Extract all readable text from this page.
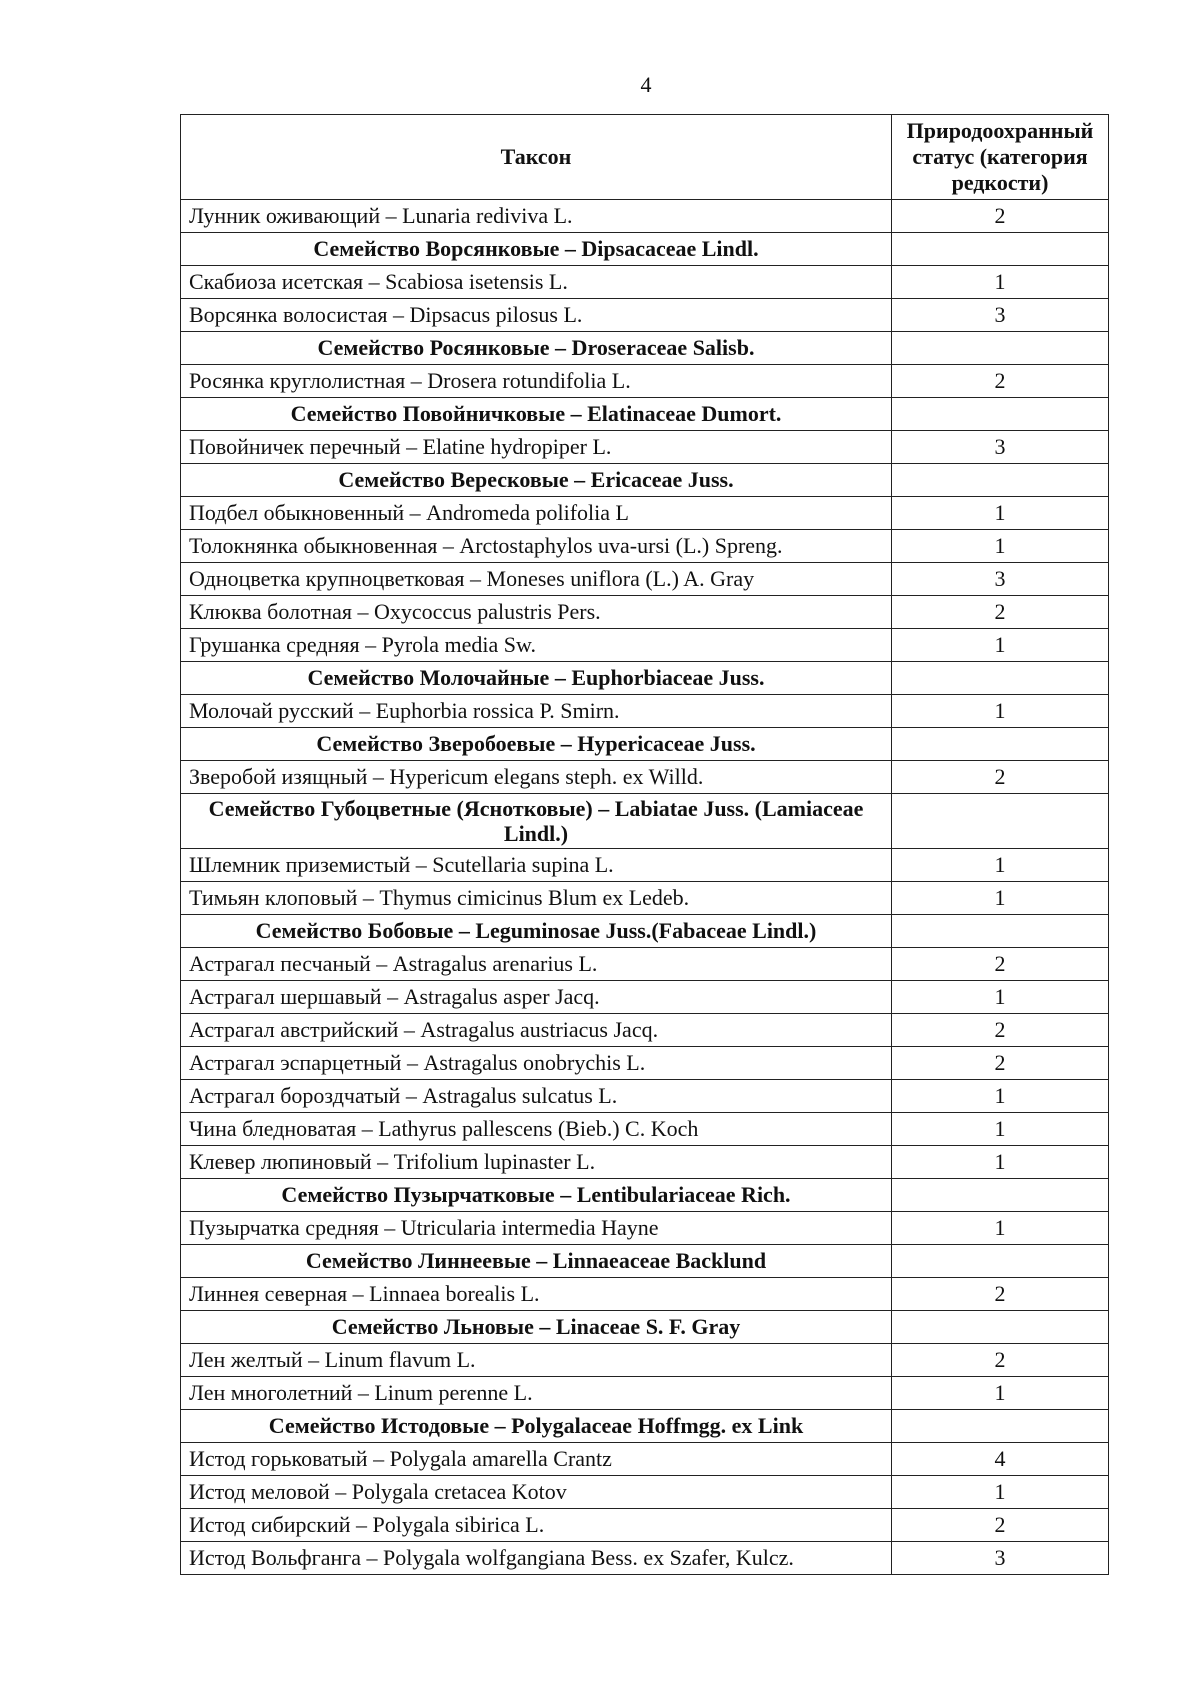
4
Таксон	Природоохранный статус (категория редкости)
Лунник оживающий – Lunaria rediviva L.	2
Семейство Ворсянковые – Dipsacaceae Lindl.	
Скабиоза исетская – Scabiosa isetensis L.	1
Ворсянка волосистая – Dipsacus pilosus L.	3
Семейство Росянковые – Droseraceae Salisb.	
Росянка круглолистная – Drosera rotundifolia L.	2
Семейство Повойничковые – Elatinaceae Dumort.	
Повойничек перечный – Elatine hydropiper L.	3
Семейство Вересковые – Ericaceae Juss.	
Подбел обыкновенный – Andromeda polifolia L	1
Толокнянка обыкновенная – Arctostaphylos uva-ursi (L.) Spreng.	1
Одноцветка крупноцветковая – Moneses uniflora (L.) A. Gray	3
Клюква болотная – Oxycoccus palustris Pers.	2
Грушанка средняя – Pyrola media Sw.	1
Семейство Молочайные – Euphorbiaceae Juss.	
Молочай русский – Euphorbia rossica P. Smirn.	1
Семейство Зверобоевые – Hypericaceae Juss.	
Зверобой изящный – Hypericum elegans steph. ex Willd.	2
Семейство Губоцветные (Яснотковые) – Labiatae Juss. (Lamiaceae Lindl.)	
Шлемник приземистый – Scutellaria supina L.	1
Тимьян клоповый – Thymus cimicinus Blum ex Ledeb.	1
Семейство Бобовые – Leguminosae Juss.(Fabaceae Lindl.)	
Астрагал песчаный – Astragalus arenarius L.	2
Астрагал шершавый – Astragalus asper Jacq.	1
Астрагал австрийский – Astragalus austriacus Jacq.	2
Астрагал эспарцетный – Astragalus onobrychis L.	2
Астрагал бороздчатый – Astragalus sulcatus L.	1
Чина бледноватая – Lathyrus pallescens (Bieb.) C. Koch	1
Клевер люпиновый – Trifolium lupinaster L.	1
Семейство Пузырчатковые – Lentibulariaceae Rich.	
Пузырчатка средняя – Utricularia intermedia Hayne	1
Семейство Линнеевые – Linnaeaceae Backlund	
Линнея северная – Linnaea borealis L.	2
Семейство Льновые – Linaceae S. F. Gray	
Лен желтый – Linum flavum L.	2
Лен многолетний – Linum perenne L.	1
Семейство Истодовые – Polygalaceae Hoffmgg. ex Link	
Истод горьковатый – Polygala amarella Crantz	4
Истод меловой – Polygala cretacea Kotov	1
Истод сибирский – Polygala sibirica L.	2
Истод Вольфганга – Polygala wolfgangiana Bess. ex Szafer, Kulcz.	3
